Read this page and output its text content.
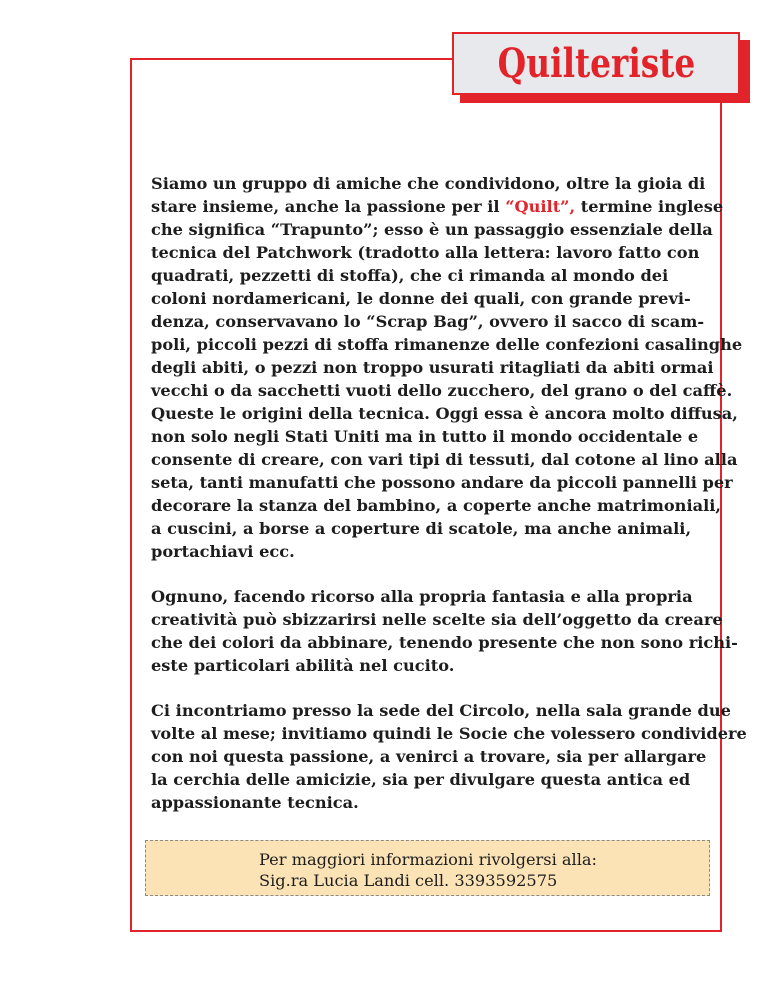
Quilteriste
Siamo un gruppo di amiche che condividono, oltre la gioia di
stare insieme, anche la passione per il “Quilt”, termine inglese
che significa “Trapunto”; esso è un passaggio essenziale della
tecnica del Patchwork (tradotto alla lettera: lavoro fatto con
quadrati, pezzetti di stoffa), che ci rimanda al mondo dei
coloni nordamericani, le donne dei quali, con grande previ-
denza, conservavano lo “Scrap Bag”, ovvero il sacco di scam-
poli, piccoli pezzi di stoffa rimanenze delle confezioni casalinghe
degli abiti, o pezzi non troppo usurati ritagliati da abiti ormai
vecchi o da sacchetti vuoti dello zucchero, del grano o del caffè.
Queste le origini della tecnica. Oggi essa è ancora molto diffusa,
non solo negli Stati Uniti ma in tutto il mondo occidentale e
consente di creare, con vari tipi di tessuti, dal cotone al lino alla
seta, tanti manufatti che possono andare da piccoli pannelli per
decorare la stanza del bambino, a coperte anche matrimoniali,
a cuscini, a borse a coperture di scatole, ma anche animali,
portachiavi ecc.
Ognuno, facendo ricorso alla propria fantasia e alla propria
creatività può sbizzarirsi nelle scelte sia dell’oggetto da creare
che dei colori da abbinare, tenendo presente che non sono richi-
este particolari abilità nel cucito.
Ci incontriamo presso la sede del Circolo, nella sala grande due
volte al mese; invitiamo quindi le Socie che volessero condividere
con noi questa passione, a venirci a trovare, sia per allargare
la cerchia delle amicizie, sia per divulgare questa antica ed
appassionante tecnica.
Per maggiori informazioni rivolgersi alla:
Sig.ra Lucia Landi cell. 3393592575
